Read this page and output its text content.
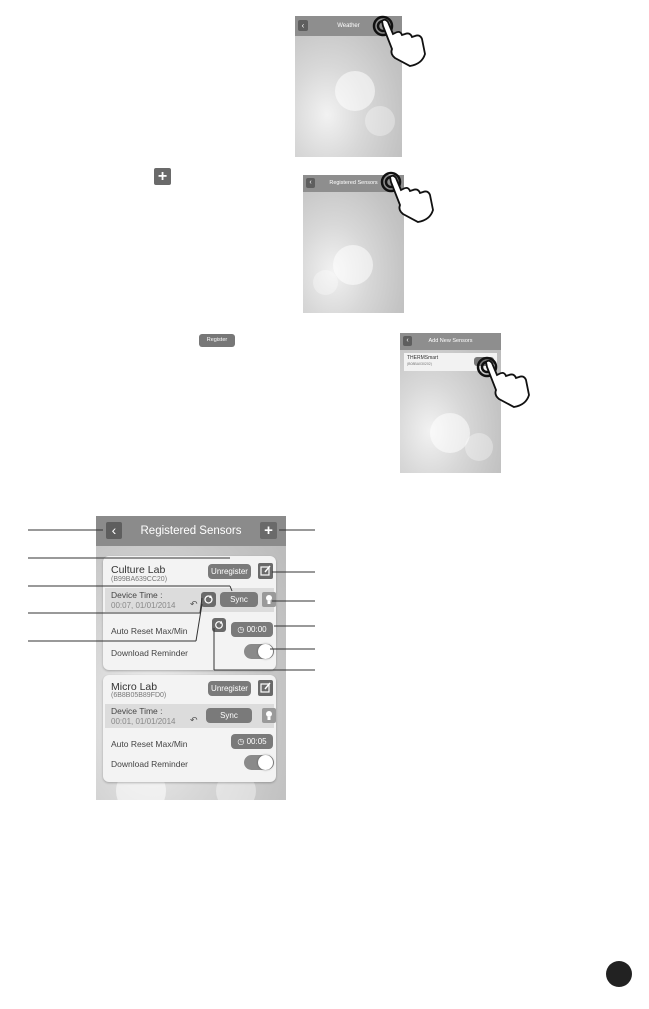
Weather
‹
+	Registered Sensors
‹
Register	Add New Sensors
‹
THERMSmart
(B08BA030202)
Registered Sensors
‹	+
Culture Lab
(B99BA639CC20)
Unregister
Device Time :
00:07, 01/01/2014 ↶	Sync
Auto Reset Max/Min	◷ 00:00
Download Reminder
Micro Lab
(6B8B05B89FD0)
Unregister
Device Time :
00:01, 01/01/2014 ↶	Sync
Auto Reset Max/Min	◷ 00:05
Download Reminder
